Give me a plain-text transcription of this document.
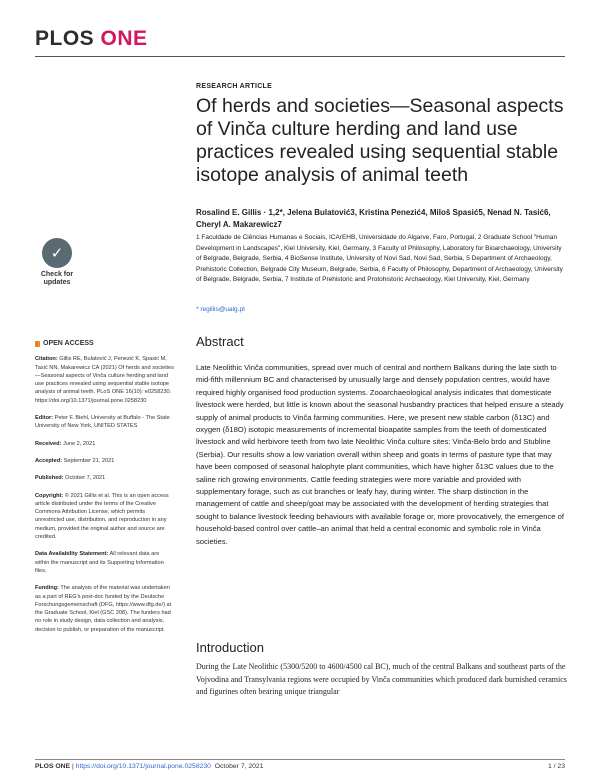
PLOS ONE
RESEARCH ARTICLE
Of herds and societies—Seasonal aspects of Vinča culture herding and land use practices revealed using sequential stable isotope analysis of animal teeth
Rosalind E. Gillis · 1,2*, Jelena Bulatović3, Kristina Penezić4, Miloš Spasić5, Nenad N. Tasić6, Cheryl A. Makarewicz7
1 Faculdade de Ciências Humanas e Sociais, ICArEHB, Universidade do Algarve, Faro, Portugal, 2 Graduate School "Human Development in Landscapes", Kiel University, Kiel, Germany, 3 Faculty of Philosophy, Laboratory for Bioarchaeology, University of Belgrade, Belgrade, Serbia, 4 BioSense Institute, University of Novi Sad, Novi Sad, Serbia, 5 Department of Archaeology, Prehistoric Collection, Belgrade City Museum, Belgrade, Serbia, 6 Faculty of Philosophy, Department of Archaeology, University of Belgrade, Belgrade, Serbia, 7 Institute of Prehistoric and Protohistoric Archaeology, Kiel University, Kiel, Germany
* regillis@ualg.pt
✓
Check for updates
OPEN ACCESS
Citation: Gillis RE, Bulatović J, Penezić K, Spasić M, Tasić NN, Makarewicz CA (2021) Of herds and societies—Seasonal aspects of Vinča culture herding and land use practices revealed using sequential stable isotope analysis of animal teeth. PLoS ONE 16(10): e0258230. https://doi.org/10.1371/journal.pone.0258230
Editor: Peter F. Biehl, University at Buffalo - The State University of New York, UNITED STATES
Received: June 2, 2021
Accepted: September 21, 2021
Published: October 7, 2021
Copyright: © 2021 Gillis et al. This is an open access article distributed under the terms of the Creative Commons Attribution License, which permits unrestricted use, distribution, and reproduction in any medium, provided the original author and source are credited.
Data Availability Statement: All relevant data are within the manuscript and its Supporting Information files.
Funding: The analysis of the material was undertaken as a part of REG's post-doc funded by the Deutsche Forschungsgemeinschaft (DFG, https://www.dfg.de/) at the Graduate School, Kiel (GSC 208). The funders had no role in study design, data collection and analysis, decision to publish, or preparation of the manuscript.
Abstract

Late Neolithic Vinča communities, spread over much of central and northern Balkans during the late sixth to mid-fifth millennium BC and characterised by unusually large and densely population centres, would have required highly organised food production systems. Zooarchaeological analysis indicates that domesticate livestock were herded, but little is known about the seasonal husbandry practices that helped ensure a steady supply of animal products to Vinča farming communities. Here, we present new stable carbon (δ13C) and oxygen (δ18O) isotopic measurements of incremental bioapatite samples from the teeth of domesticated livestock and wild herbivore teeth from two late Neolithic Vinča culture sites: Vinča-Belo brdo and Stubline (Serbia). Our results show a low variation overall within sheep and goats in terms of pasture type that may have been composed of seasonal halophyte plant communities, which have higher δ13C values due to the saline rich growing environments. Cattle feeding strategies were more variable and provided with supplementary forage, such as cut branches or leafy hay, during winter. The sharp distinction in the management of cattle and sheep/goat may be associated with the development of herding strategies that sought to balance livestock feeding behaviours with available forage or, more provocatively, the emergence of household-based control over cattle–an animal that held a central economic and symbolic role in Vinča societies.

Introduction

During the Late Neolithic (5300/5200 to 4600/4500 cal BC), much of the central Balkans and southeast parts of the Vojvodina and Transylvania regions were occupied by Vinča communities which produced dark burnished ceramics and figurines often bearing unique triangular

PLOS ONE | https://doi.org/10.1371/journal.pone.0258230 October 7, 2021	1 / 23
